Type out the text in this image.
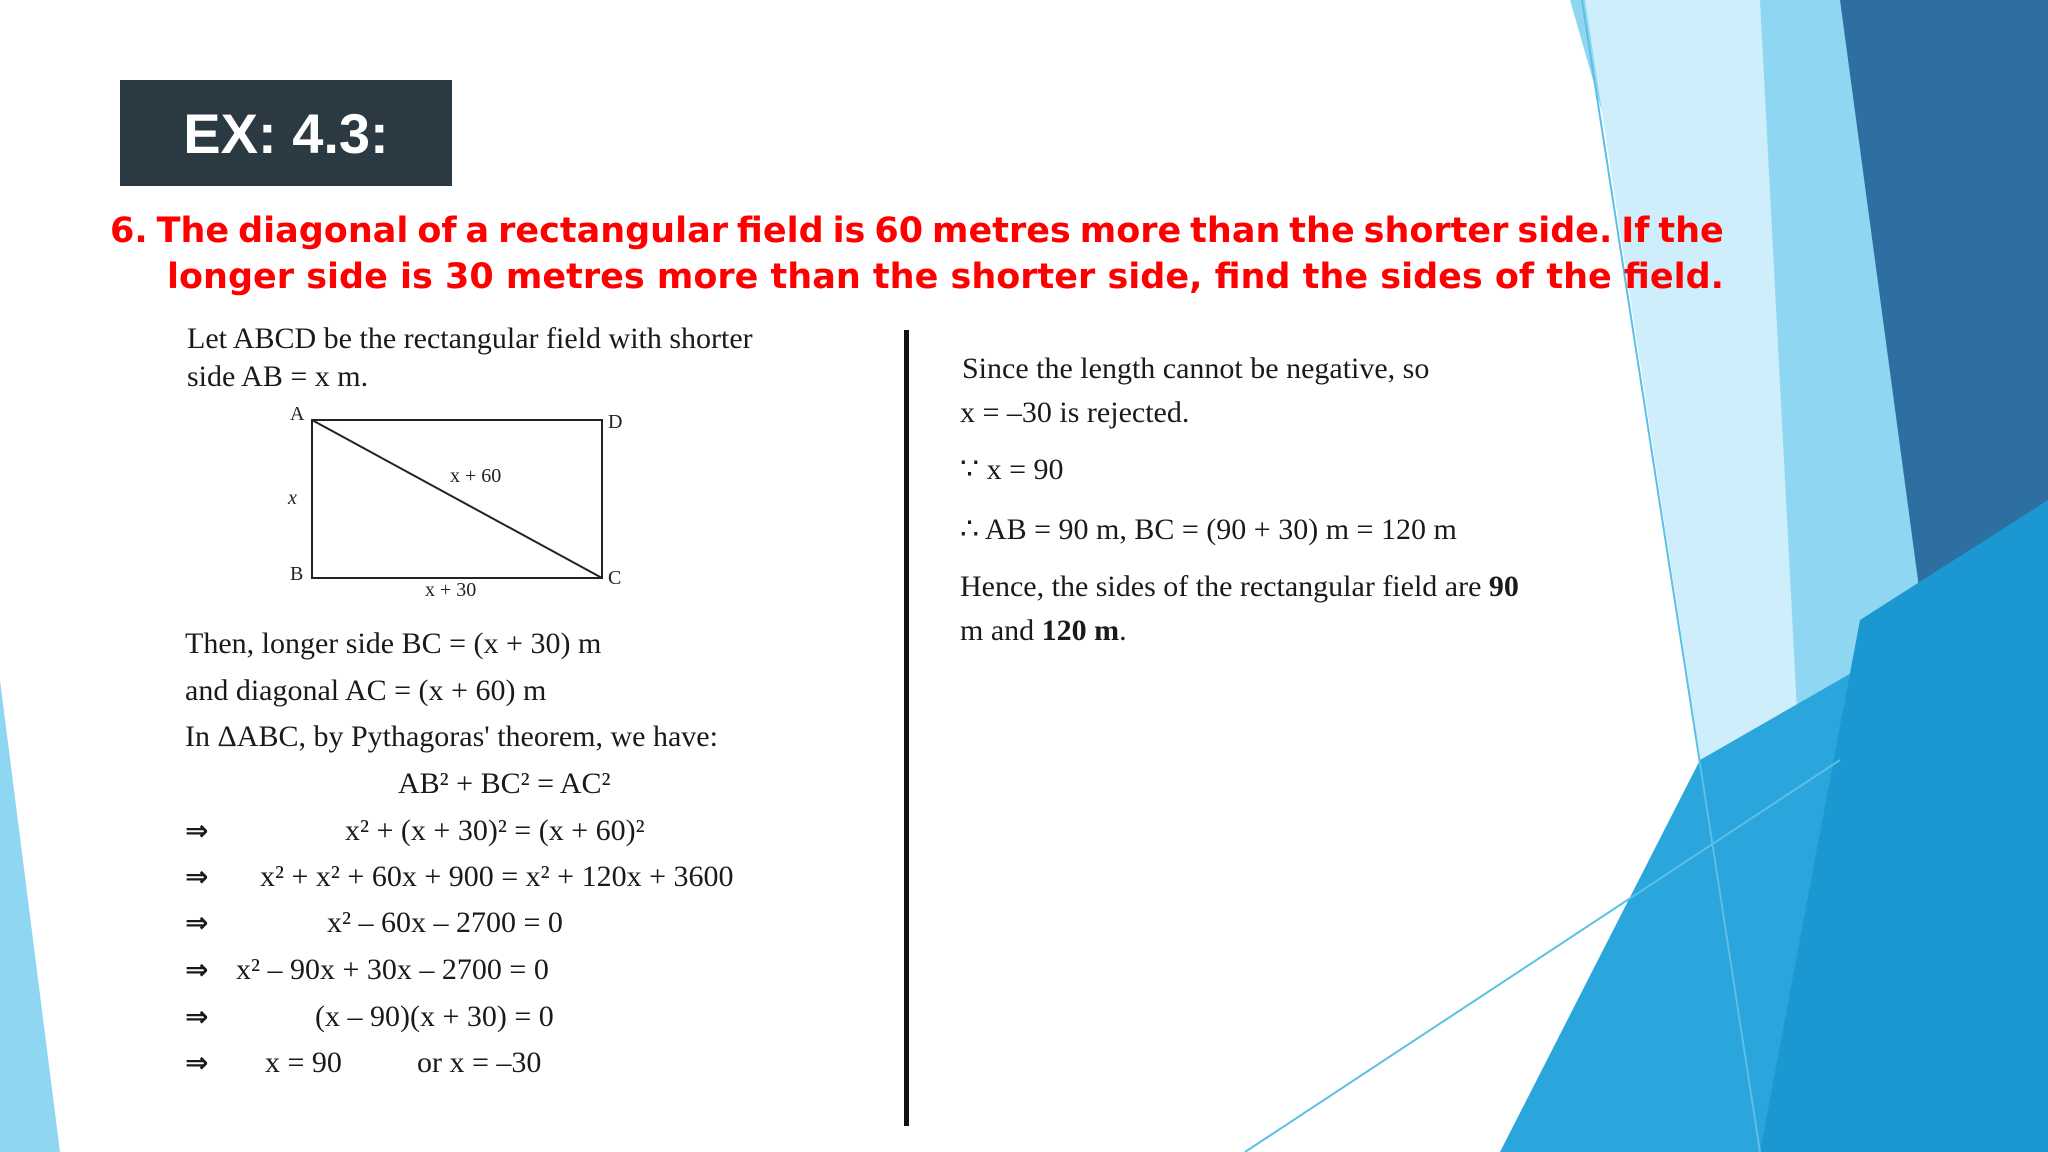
EX: 4.3:
6. The diagonal of a rectangular field is 60 metres more than the shorter side. If the
longer side is 30 metres more than the shorter side, find the sides of the field.
Let ABCD be the rectangular field with shorter
side AB = x m.
Then, longer side BC = (x + 30) m
and diagonal AC = (x + 60) m
In ΔABC, by Pythagoras' theorem, we have:
AB² + BC² = AC²
⇒	x² + (x + 30)² = (x + 60)²
⇒ x² + x² + 60x + 900 = x² + 120x + 3600
⇒	x² – 60x – 2700 = 0
⇒ x² – 90x + 30x – 2700 = 0
⇒	(x – 90)(x + 30) = 0
⇒ x = 90	or x = –30
A	D
B	C
x
x + 60
x + 30
Since the length cannot be negative, so
x = –30 is rejected.
∵ x = 90
∴ AB = 90 m, BC = (90 + 30) m = 120 m
Hence, the sides of the rectangular field are 90
m and 120 m.
